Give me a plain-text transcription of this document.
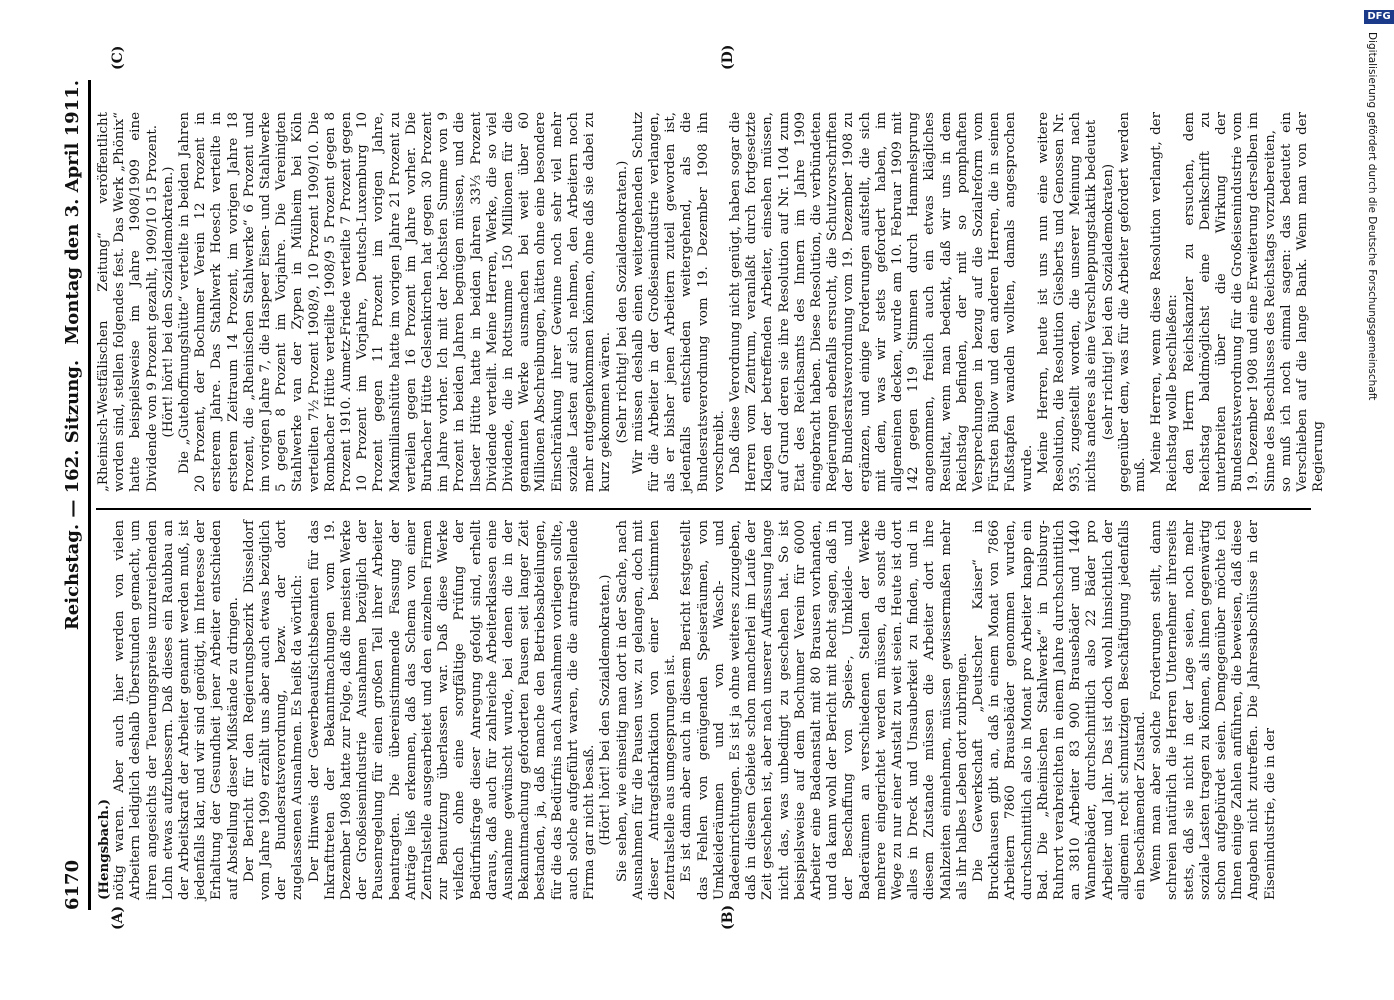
6170
Reichstag. — 162. Sitzung.
Montag den 3. April 1911.
(A)	(B)
(C)	(D)

(Hengsbach.) nötig waren. Aber auch hier werden von vielen Arbeitern lediglich deshalb Überstunden gemacht, um ihren angesichts der Teuerungspreise unzureichenden Lohn etwas aufzubessern. Daß dieses ein Raubbau an der Arbeitskraft der Arbeiter genannt werden muß, ist jedenfalls klar, und wir sind genötigt, im Interesse der Erhaltung der Gesundheit jener Arbeiter entschieden auf Abstellung dieser Mißstände zu dringen. Der Bericht für den Regierungsbezirk Düsseldorf vom Jahre 1909 erzählt uns aber auch etwas bezüglich der Bundesratsverordnung, bezw. der dort zugelassenen Ausnahmen. Es heißt da wörtlich: Der Hinweis der Gewerbeaufsichtsbeamten für das Inkrafttreten der Bekanntmachungen vom 19. Dezember 1908 hatte zur Folge, daß die meisten Werke der Großeisenindustrie Ausnahmen bezüglich der Pausenregelung für einen großen Teil ihrer Arbeiter beantragten. Die übereinstimmende Fassung der Anträge ließ erkennen, daß das Schema von einer Zentralstelle ausgearbeitet und den einzelnen Firmen zur Benutzung überlassen war. Daß diese Werke vielfach ohne eine sorgfältige Prüfung der Bedürfnisfrage dieser Anregung gefolgt sind, erhellt daraus, daß auch für zahlreiche Arbeiterklassen eine Ausnahme gewünscht wurde, bei denen die in der Bekanntmachung geforderten Pausen seit langer Zeit bestanden, ja, daß manche den Betriebsabteilungen, für die das Bedürfnis nach Ausnahmen vorliegen sollte, auch solche aufgeführt waren, die die antragstellende Firma gar nicht besaß. (Hört! hört! bei den Sozialdemokraten.) Sie sehen, wie einseitig man dort in der Sache, nach Ausnahmen für die Pausen usw. zu gelangen, doch mit dieser Antragsfabrikation von einer bestimmten Zentralstelle aus umgesprungen ist. Es ist dann aber auch in diesem Bericht festgestellt das Fehlen von genügenden Speiseräumen, von Umkleideräumen und von Wasch- und Badeeinrichtungen. Es ist ja ohne weiteres zuzugeben, daß in diesem Gebiete schon mancherlei im Laufe der Zeit geschehen ist, aber nach unserer Auffassung lange nicht das, was unbedingt zu geschehen hat. So ist beispielsweise auf dem Bochumer Verein für 6000 Arbeiter eine Badeanstalt mit 80 Brausen vorhanden, und da kann wohl der Bericht mit Recht sagen, daß in der Beschaffung von Speise-, Umkleide- und Baderäumen an verschiedenen Stellen der Werke mehrere eingerichtet werden müssen, da sonst die Wege zu nur einer Anstalt zu weit seien. Heute ist dort alles in Dreck und Unsauberkeit zu finden, und in diesem Zustande müssen die Arbeiter dort ihre Mahlzeiten einnehmen, müssen gewissermaßen mehr als ihr halbes Leben dort zubringen. Die Gewerkschaft „Deutscher Kaiser“ in Bruckhausen gibt an, daß in einem Monat von 7866 Arbeitern 7860 Brausebäder genommen wurden, durchschnittlich also in Monat pro Arbeiter knapp ein Bad. Die „Rheinischen Stahlwerke“ in Duisburg-Ruhrort verabreichten in einem Jahre durchschnittlich an 3810 Arbeiter 83 900 Brausebäder und 1440 Wannenbäder, durchschnittlich also 22 Bäder pro Arbeiter und Jahr. Das ist doch wohl hinsichtlich der allgemein recht schmutzigen Beschäftigung jedenfalls ein beschämender Zustand. Wenn man aber solche Forderungen stellt, dann schreien natürlich die Herren Unternehmer ihrerseits stets, daß sie nicht in der Lage seien, noch mehr soziale Lasten tragen zu können, als ihnen gegenwärtig schon aufgebürdet seien. Demgegenüber möchte ich Ihnen einige Zahlen anführen, die beweisen, daß diese Angaben nicht zutreffen. Die Jahresabschlüsse in der Eisenindustrie, die in der

„Rheinisch-Westfälischen Zeitung“ veröffentlicht worden sind, stellen folgendes fest. Das Werk „Phönix“ hatte beispielsweise im Jahre 1908/1909 eine Dividende von 9 Prozent gezahlt, 1909/10 15 Prozent. (Hört! hört! bei den Sozialdemokraten.) Die „Gutehoffnungshütte“ verteilte in beiden Jahren 20 Prozent, der Bochumer Verein 12 Prozent in ersterem Jahre. Das Stahlwerk Hoesch verteilte in ersterem Zeitraum 14 Prozent, im vorigen Jahre 18 Prozent, die „Rheinischen Stahlwerke“ 6 Prozent und im vorigen Jahre 7, die Haspeer Eisen- und Stahlwerke 5 gegen 8 Prozent im Vorjahre. Die Vereinigten Stahlwerke van der Zypen in Mülheim bei Köln verteilten 7½ Prozent 1908/9, 10 Prozent 1909/10. Die Rombacher Hütte verteilte 1908/9 5 Prozent gegen 8 Prozent 1910. Aumetz-Friede verteilte 7 Prozent gegen 10 Prozent im Vorjahre, Deutsch-Luxemburg 10 Prozent gegen 11 Prozent im vorigen Jahre, Maximilianshütte hatte im vorigen Jahre 21 Prozent zu verteilen gegen 16 Prozent im Jahre vorher. Die Burbacher Hütte Gelsenkirchen hat gegen 30 Prozent im Jahre vorher. Ich mit der höchsten Summe von 9 Prozent in beiden Jahren begnügen müssen, und die Ilseder Hütte hatte in beiden Jahren 33⅓ Prozent Dividende verteilt. Meine Herren, Werke, die so viel Dividende, die in Rottsumme 150 Millionen für die genannten Werke ausmachen bei weit über 60 Millionen Abschreibungen, hätten ohne eine besondere Einschränkung ihrer Gewinne noch sehr viel mehr soziale Lasten auf sich nehmen, den Arbeitern noch mehr entgegenkommen können, ohne daß sie dabei zu kurz gekommen wären. (Sehr richtig! bei den Sozialdemokraten.) Wir müssen deshalb einen weitergehenden Schutz für die Arbeiter in der Großeisenindustrie verlangen, als er bisher jenen Arbeitern zuteil geworden ist, jedenfalls entschieden weitergehend, als die Bundesratsverordnung vom 19. Dezember 1908 ihn vorschreibt. Daß diese Verordnung nicht genügt, haben sogar die Herren vom Zentrum, veranlaßt durch fortgesetzte Klagen der betreffenden Arbeiter, einsehen müssen, auf Grund deren sie ihre Resolution auf Nr. 1104 zum Etat des Reichsamts des Innern im Jahre 1909 eingebracht haben. Diese Resolution, die verbündeten Regierungen ebenfalls ersucht, die Schutzvorschriften der Bundesratsverordnung vom 19. Dezember 1908 zu ergänzen, und einige Forderungen aufstellt, die sich mit dem, was wir stets gefordert haben, im allgemeinen decken, wurde am 10. Februar 1909 mit 142 gegen 119 Stimmen durch Hammelsprung angenommen, freilich auch ein etwas klägliches Resultat, wenn man bedenkt, daß wir uns in dem Reichstag befinden, der mit so pomphaften Versprechungen in bezug auf die Sozialreform vom Fürsten Bülow und den anderen Herren, die in seinen Fußstapfen wandeln wollten, damals angesprochen wurde. Meine Herren, heute ist uns nun eine weitere Resolution, die Resolution Giesberts und Genossen Nr. 935, zugestellt worden, die unserer Meinung nach nichts anderes als eine Verschleppungstaktik bedeutet (sehr richtig! bei den Sozialdemokraten) gegenüber dem, was für die Arbeiter gefordert werden muß.

Meine Herren, wenn diese Resolution verlangt, der Reichstag wolle beschließen: den Herrn Reichskanzler zu ersuchen, dem Reichstag baldmöglichst eine Denkschrift zu unterbreiten über die Wirkung der Bundesratsverordnung für die Großeisenindustrie vom 19. Dezember 1908 und eine Erweiterung derselben im Sinne des Beschlusses des Reichstags vorzubereiten, so muß ich noch einmal sagen: das bedeutet ein Verschieben auf die lange Bank. Wenn man von der Regierung

DFG
Digitalisierung gefördert durch die Deutsche Forschungsgemeinschaft
